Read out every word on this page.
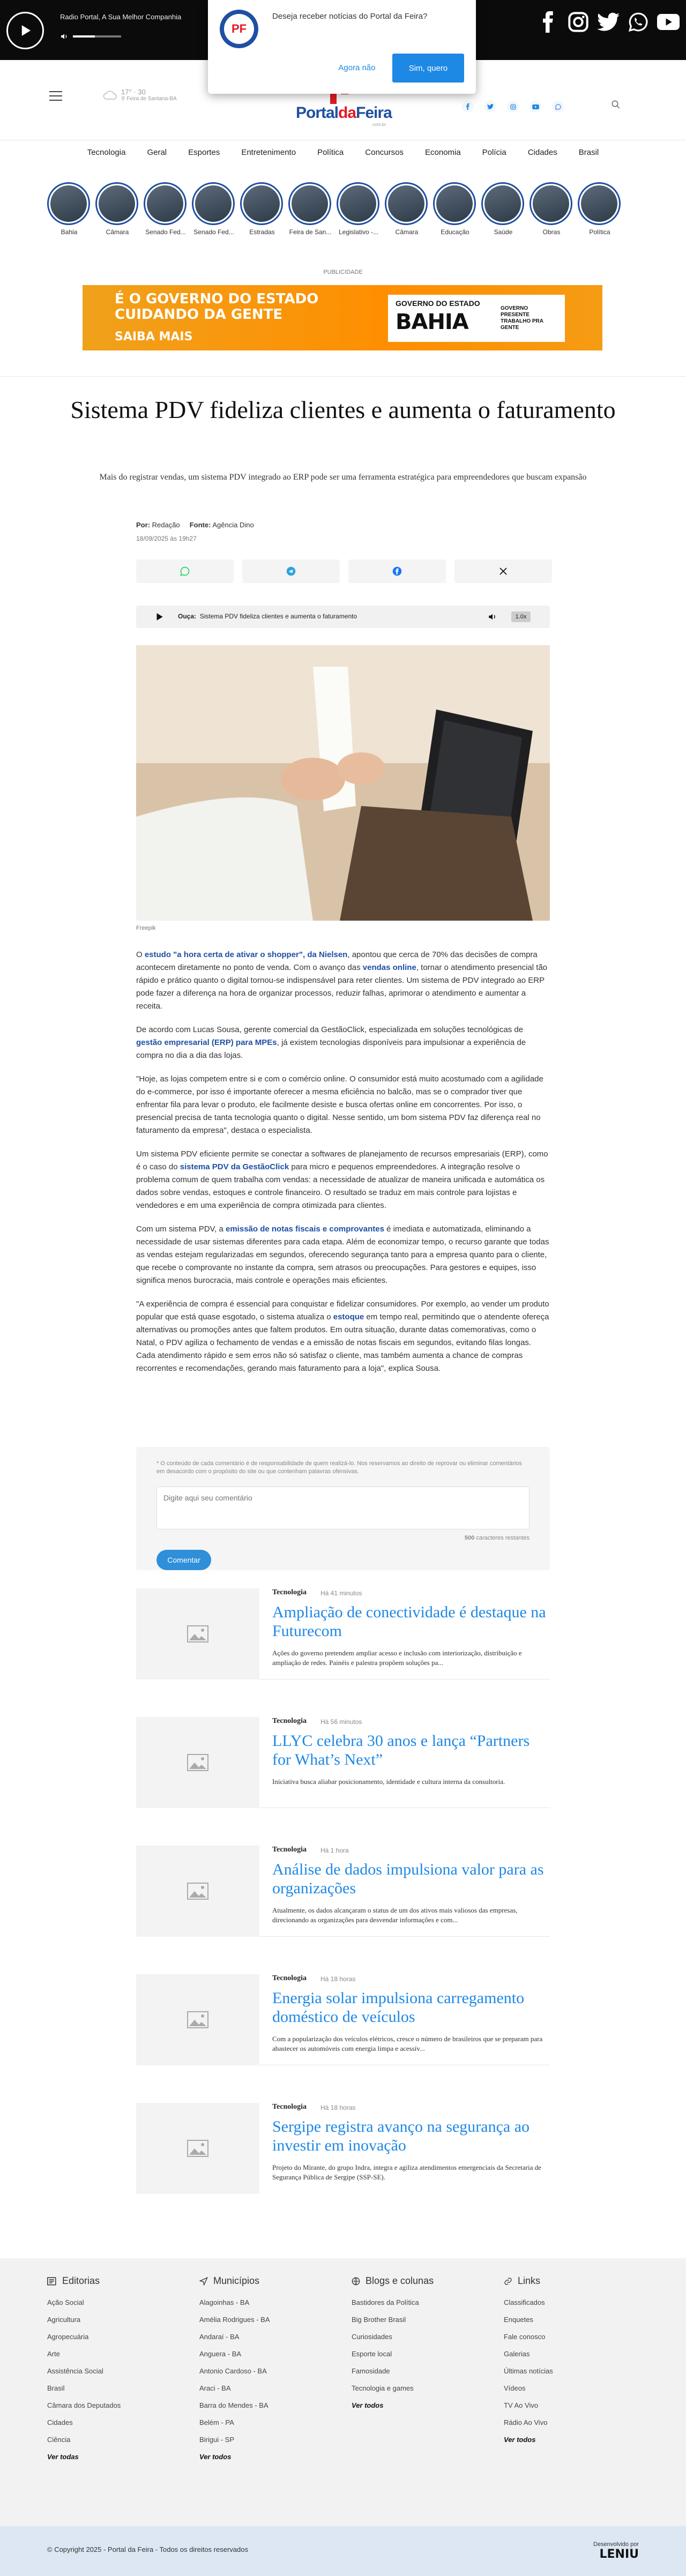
Radio Portal, A Sua Melhor Companhia
17° · 30
⚲ Feira de Santana-BA
PortaldaFeira
.com.br
Tecnologia	Geral	Esportes	Entretenimento	Política	Concursos	Economia	Polícia	Cidades	Brasil
Bahia	Câmara	Senado Fed... Senado Fed...	Estradas	Feira de San...	Legislativo -...	Câmara	Educação	Saúde	Obras	Política
PUBLICIDADE
É O GOVERNO DO ESTADO
CUIDANDO DA GENTE
SAIBA MAIS
GOVERNO DO ESTADO
BAHIA
GOVERNO PRESENTE TRABALHO PRA GENTE
Sistema PDV fideliza clientes e aumenta o faturamento
Mais do registrar vendas, um sistema PDV integrado ao ERP pode ser uma ferramenta estratégica para empreendedores que buscam expansão
Por: Redação Fonte: Agência Dino
18/09/2025 às 19h27
Ouça: Sistema PDV fideliza clientes e aumenta o faturamento	1.0x
Freepik

O estudo "a hora certa de ativar o shopper", da Nielsen, apontou que cerca de 70% das decisões de compra acontecem diretamente no ponto de venda. Com o avanço das vendas online, tornar o atendimento presencial tão rápido e prático quanto o digital tornou-se indispensável para reter clientes. Um sistema de PDV integrado ao ERP pode fazer a diferença na hora de organizar processos, reduzir falhas, aprimorar o atendimento e aumentar a receita.

De acordo com Lucas Sousa, gerente comercial da GestãoClick, especializada em soluções tecnológicas de gestão empresarial (ERP) para MPEs, já existem tecnologias disponíveis para impulsionar a experiência de compra no dia a dia das lojas.

"Hoje, as lojas competem entre si e com o comércio online. O consumidor está muito acostumado com a agilidade do e-commerce, por isso é importante oferecer a mesma eficiência no balcão, mas se o comprador tiver que enfrentar fila para levar o produto, ele facilmente desiste e busca ofertas online em concorrentes. Por isso, o presencial precisa de tanta tecnologia quanto o digital. Nesse sentido, um bom sistema PDV faz diferença real no faturamento da empresa", destaca o especialista.

Um sistema PDV eficiente permite se conectar a softwares de planejamento de recursos empresariais (ERP), como é o caso do sistema PDV da GestãoClick para micro e pequenos empreendedores. A integração resolve o problema comum de quem trabalha com vendas: a necessidade de atualizar de maneira unificada e automática os dados sobre vendas, estoques e controle financeiro. O resultado se traduz em mais controle para lojistas e vendedores e em uma experiência de compra otimizada para clientes.

Com um sistema PDV, a emissão de notas fiscais e comprovantes é imediata e automatizada, eliminando a necessidade de usar sistemas diferentes para cada etapa. Além de economizar tempo, o recurso garante que todas as vendas estejam regularizadas em segundos, oferecendo segurança tanto para a empresa quanto para o cliente, que recebe o comprovante no instante da compra, sem atrasos ou preocupações. Para gestores e equipes, isso significa menos burocracia, mais controle e operações mais eficientes.

"A experiência de compra é essencial para conquistar e fidelizar consumidores. Por exemplo, ao vender um produto popular que está quase esgotado, o sistema atualiza o estoque em tempo real, permitindo que o atendente ofereça alternativas ou promoções antes que faltem produtos. Em outra situação, durante datas comemorativas, como o Natal, o PDV agiliza o fechamento de vendas e a emissão de notas fiscais em segundos, evitando filas longas. Cada atendimento rápido e sem erros não só satisfaz o cliente, mas também aumenta a chance de compras recorrentes e recomendações, gerando mais faturamento para a loja", explica Sousa.

* O conteúdo de cada comentário é de responsabilidade de quem realizá-lo. Nos reservamos ao direito de reprovar ou eliminar comentários em desacordo com o propósito do site ou que contenham palavras ofensivas.
Digite aqui seu comentário
500 caracteres restantes
Comentar
Tecnologia Há 41 minutos
Ampliação de conectividade é destaque na Futurecom
Ações do governo pretendem ampliar acesso e inclusão com interiorização, distribuição e ampliação de redes. Painéis e palestra propõem soluções pa...
Tecnologia Há 56 minutos
LLYC celebra 30 anos e lança “Partners for What’s Next”
Iniciativa busca aliabar posicionamento, identidade e cultura interna da consultoria.
Tecnologia Há 1 hora
Análise de dados impulsiona valor para as organizações
Atualmente, os dados alcançaram o status de um dos ativos mais valiosos das empresas, direcionando as organizações para desvendar informações e com...
Tecnologia Há 18 horas
Energia solar impulsiona carregamento doméstico de veículos
Com a popularização dos veículos elétricos, cresce o número de brasileiros que se preparam para abastecer os automóveis com energia limpa e acessív...
Tecnologia Há 18 horas
Sergipe registra avanço na segurança ao investir em inovação
Projeto do Mirante, do grupo Indra, integra e agiliza atendimentos emergenciais da Secretaria de Segurança Pública de Sergipe (SSP-SE).
Editorias
Ação Social
Agricultura
Agropecuária
Arte
Assistência Social
Brasil
Câmara dos Deputados
Cidades
Ciência
Ver todas
Municípios
Alagoinhas - BA
Amélia Rodrigues - BA
Andaraí - BA
Anguera - BA
Antonio Cardoso - BA
Araci - BA
Barra do Mendes - BA
Belém - PA
Birigui - SP
Ver todos
Blogs e colunas
Bastidores da Política
Big Brother Brasil
Curiosidades
Esporte local
Famosidade
Tecnologia e games
Ver todos
Links
Classificados
Enquetes
Fale conosco
Galerias
Últimas notícias
Vídeos
TV Ao Vivo
Rádio Ao Vivo
Ver todos
© Copyright 2025 - Portal da Feira - Todos os direitos reservados
Desenvolvido por
LENIU
PF
Deseja receber notícias do Portal da Feira?
Agora não	Sim, quero
